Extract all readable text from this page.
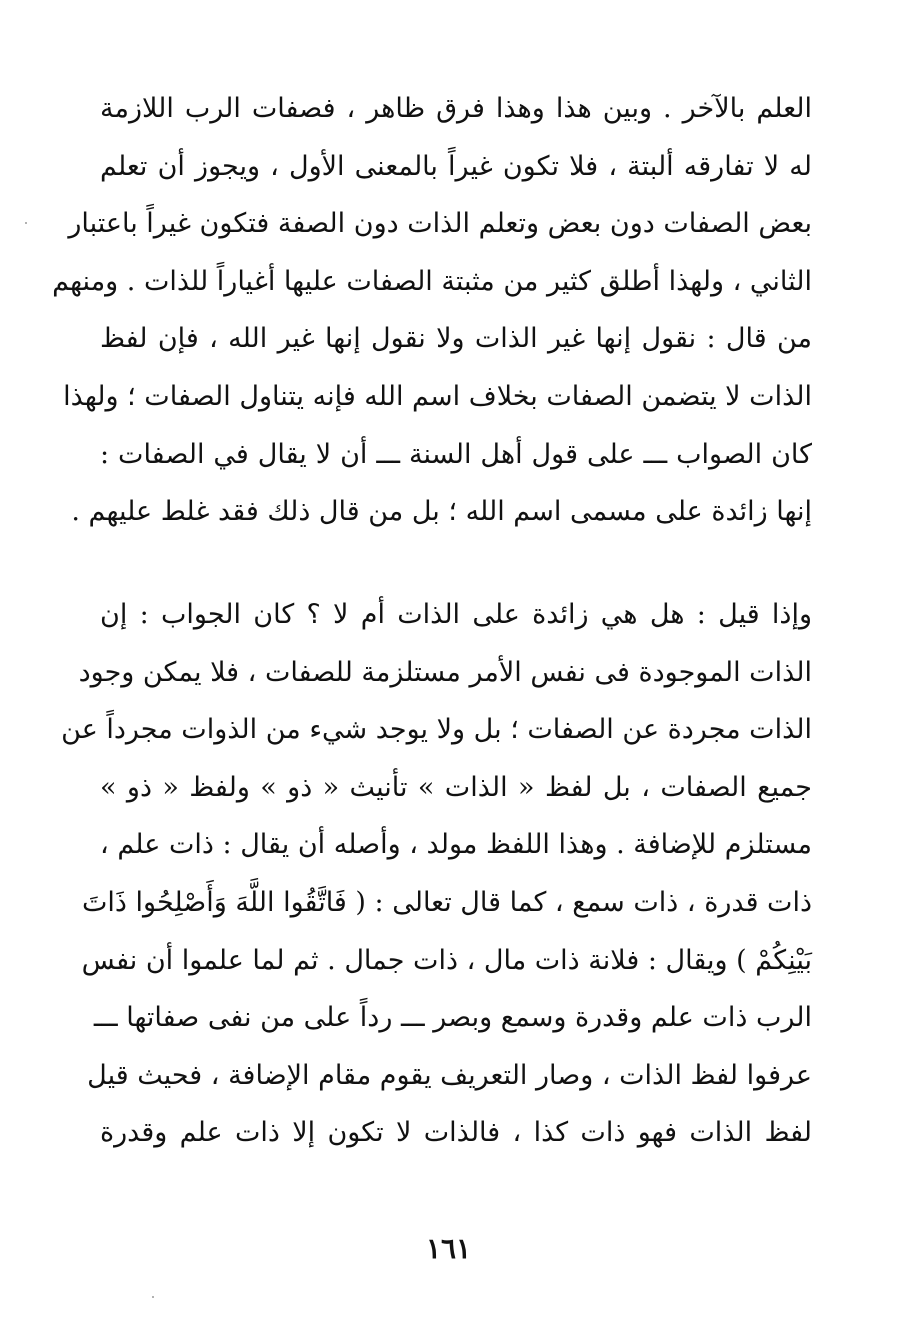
العلم بالآخر . وبين هذا وهذا فرق ظاهر ، فصفات الرب اللازمة
له لا تفارقه ألبتة ، فلا تكون غيراً بالمعنى الأول ، ويجوز أن تعلم
بعض الصفات دون بعض وتعلم الذات دون الصفة فتكون غيراً باعتبار
الثاني ، ولهذا أطلق كثير من مثبتة الصفات عليها أغياراً للذات . ومنهم
من قال : نقول إنها غير الذات ولا نقول إنها غير الله ، فإن لفظ
الذات لا يتضمن الصفات بخلاف اسم الله فإنه يتناول الصفات ؛ ولهذا
كان الصواب ـــ على قول أهل السنة ـــ أن لا يقال في الصفات :
إنها زائدة على مسمى اسم الله ؛ بل من قال ذلك فقد غلط عليهم .
وإذا قيل : هل هي زائدة على الذات أم لا ؟ كان الجواب : إن
الذات الموجودة فى نفس الأمر مستلزمة للصفات ، فلا يمكن وجود
الذات مجردة عن الصفات ؛ بل ولا يوجد شيء من الذوات مجرداً عن
جميع الصفات ، بل لفظ « الذات » تأنيث « ذو » ولفظ « ذو »
مستلزم للإضافة . وهذا اللفظ مولد ، وأصله أن يقال : ذات علم ،
ذات قدرة ، ذات سمع ، كما قال تعالى : ( فَاتَّقُوا اللَّهَ وَأَصْلِحُوا ذَاتَ
بَيْنِكُمْ ) ويقال : فلانة ذات مال ، ذات جمال . ثم لما علموا أن نفس
الرب ذات علم وقدرة وسمع وبصر ـــ رداً على من نفى صفاتها ـــ
عرفوا لفظ الذات ، وصار التعريف يقوم مقام الإضافة ، فحيث قيل
لفظ الذات فهو ذات كذا ، فالذات لا تكون إلا ذات علم وقدرة
١٦١
